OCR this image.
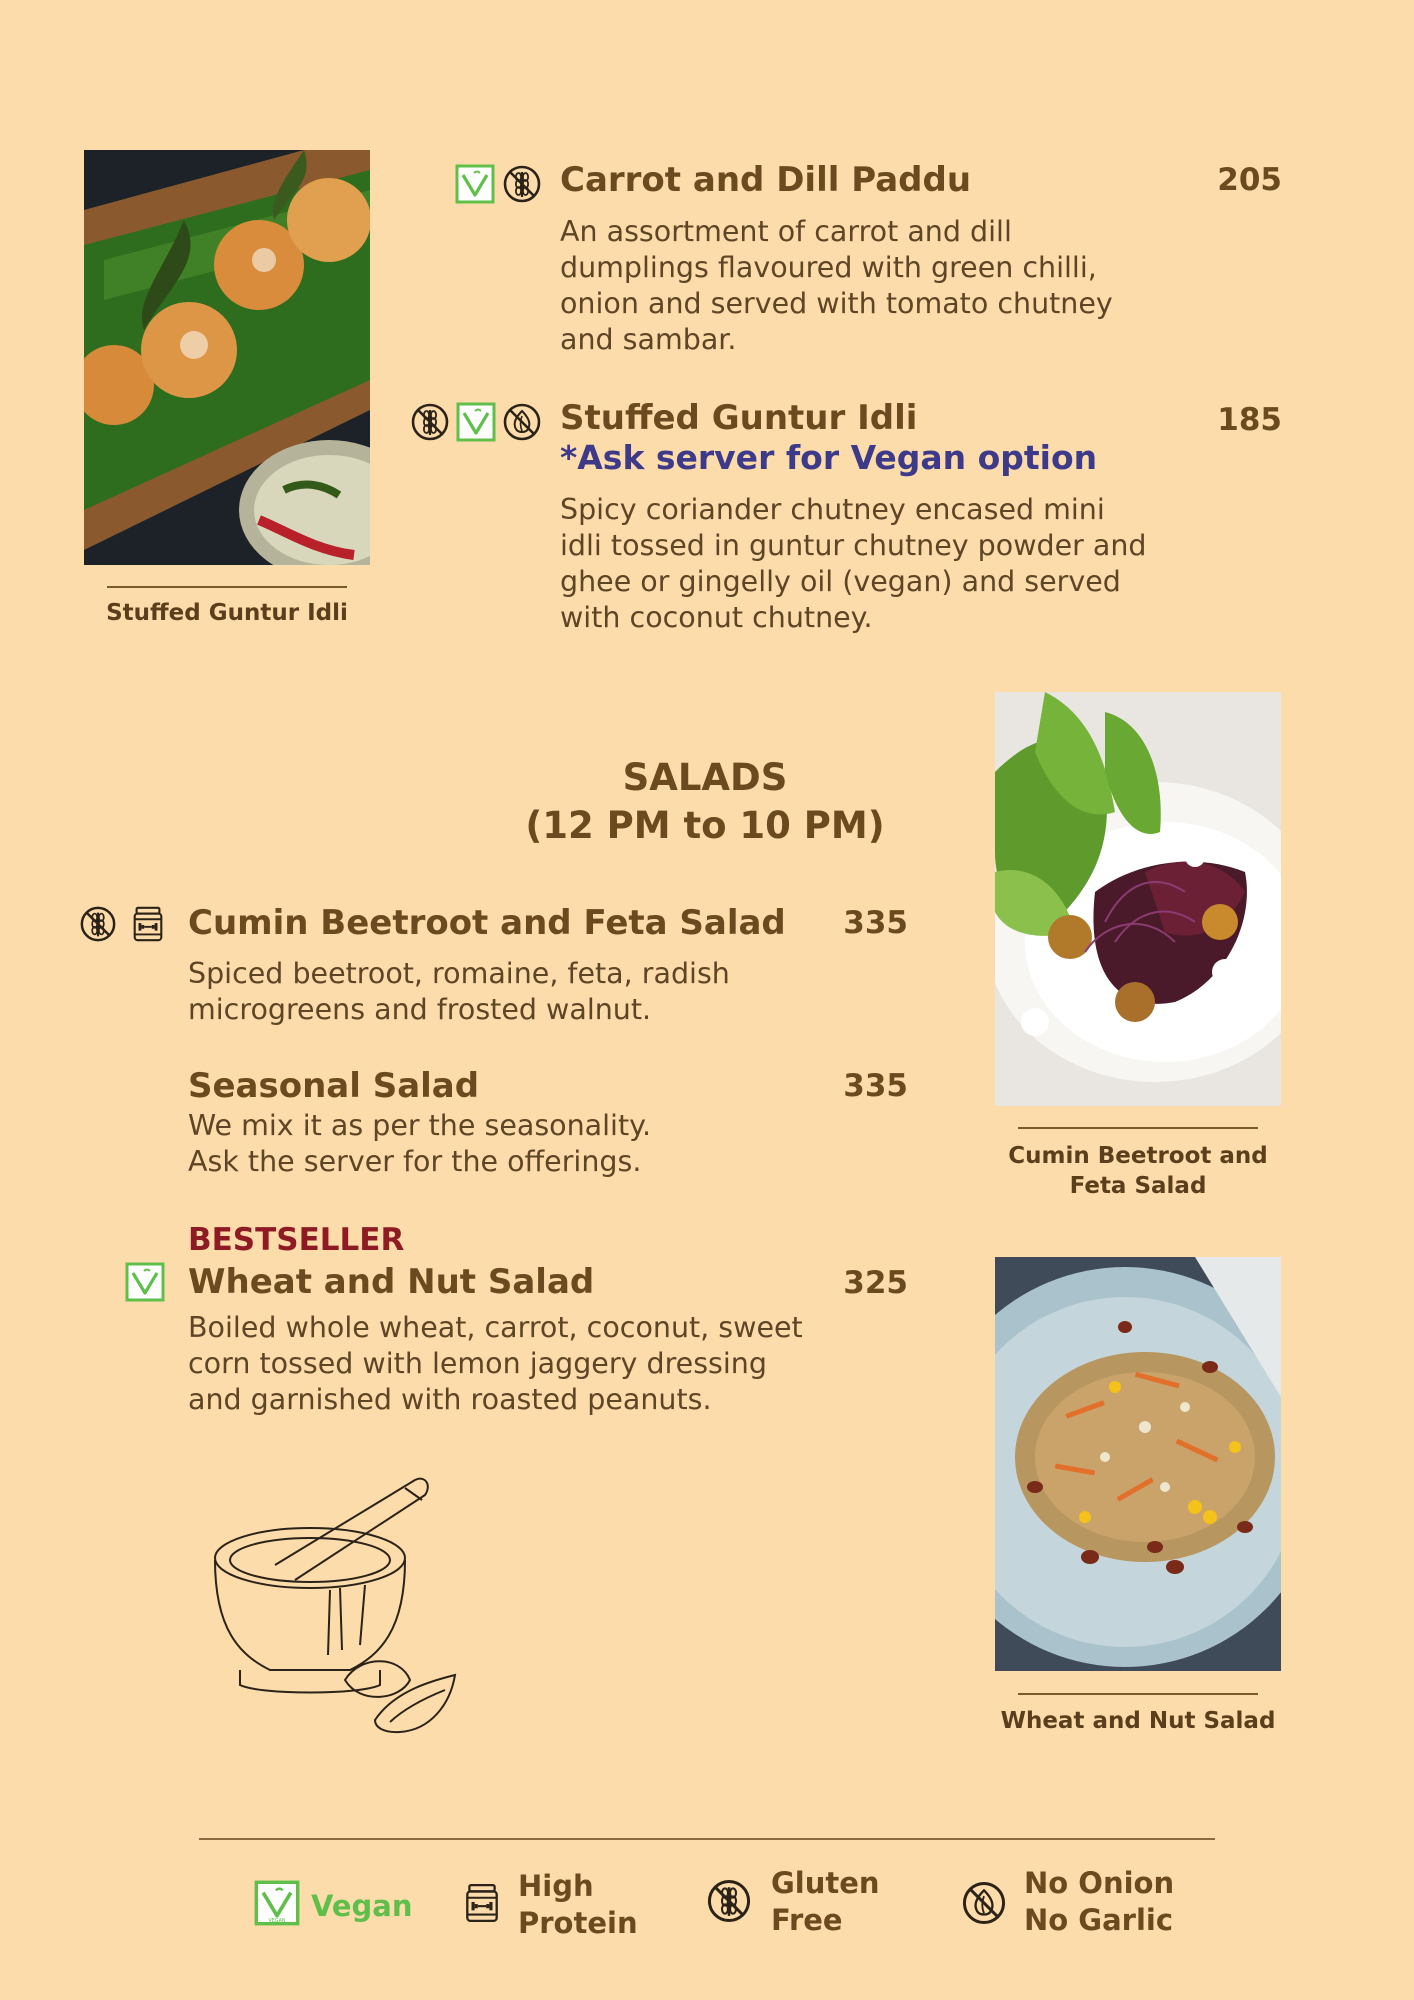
Stuffed Guntur Idli
Carrot and Dill Paddu	205
An assortment of carrot and dill
dumplings flavoured with green chilli,
onion and served with tomato chutney
and sambar.
Stuffed Guntur Idli	185
*Ask server for Vegan option
Spicy coriander chutney encased mini
idli tossed in guntur chutney powder and
ghee or gingelly oil (vegan) and served
with coconut chutney.
Cumin Beetroot and
Feta Salad
SALADS
(12 PM to 10 PM)
Cumin Beetroot and Feta Salad	335
Spiced beetroot, romaine, feta, radish
microgreens and frosted walnut.
Seasonal Salad	335
We mix it as per the seasonality.
Ask the server for the offerings.
BESTSELLER
Wheat and Nut Salad	325
Boiled whole wheat, carrot, coconut, sweet
corn tossed with lemon jaggery dressing
and garnished with roasted peanuts.
Wheat and Nut Salad
VEGAN Vegan
High
Protein
Gluten
Free
No Onion
No Garlic
